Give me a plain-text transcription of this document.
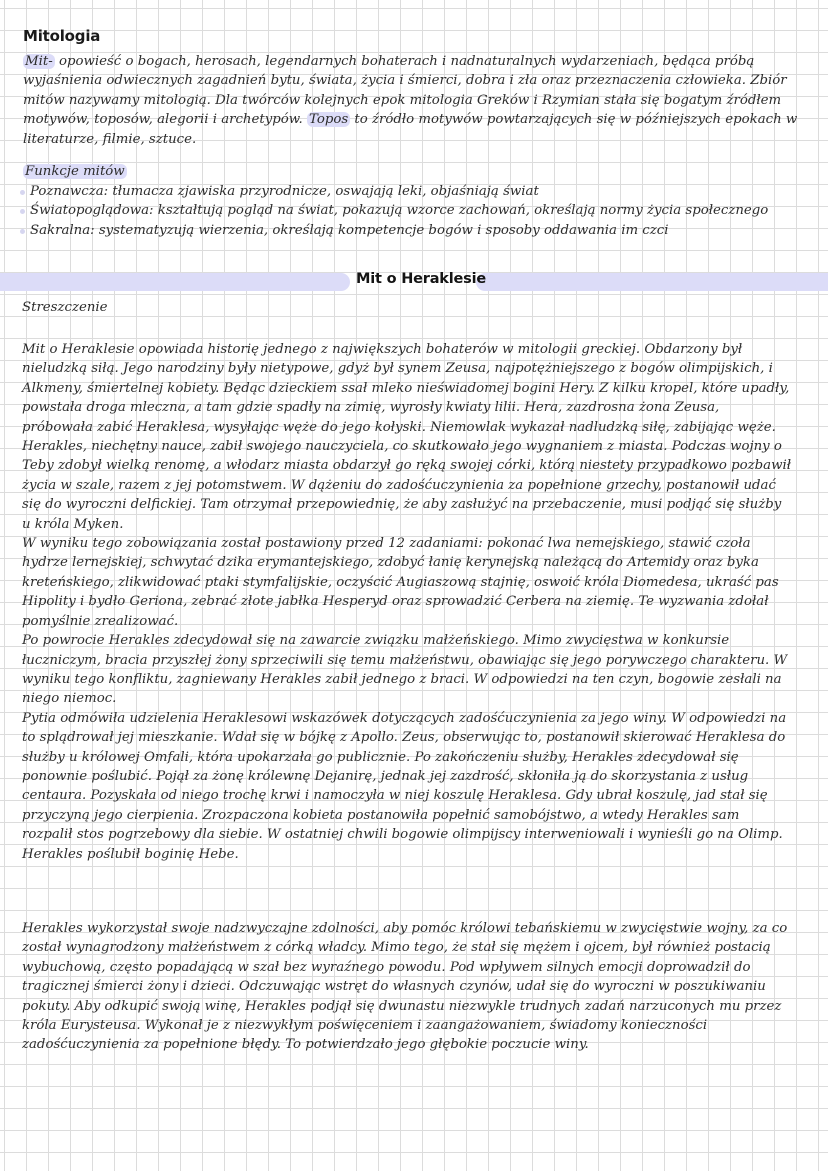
Mitologia

Mit- opowieść o bogach, herosach, legendarnych bohaterach i nadnaturalnych wydarzeniach, będąca próbą wyjaśnienia odwiecznych zagadnień bytu, świata, życia i śmierci, dobra i zła oraz przeznaczenia człowieka. Zbiór mitów nazywamy mitologią. Dla twórców kolejnych epok mitologia Greków i Rzymian stała się bogatym źródłem motywów, toposów, alegorii i archetypów. Topos to źródło motywów powtarzających się w późniejszych epokach w literaturze, filmie, sztuce.

Funkcje mitów
Poznawcza: tłumacza zjawiska przyrodnicze, oswajają leki, objaśniają świat
Światopoglądowa: kształtują pogląd na świat, pokazują wzorce zachowań, określają normy życia społecznego
Sakralna: systematyzują wierzenia, określają kompetencje bogów i sposoby oddawania im czci
Mit o Heraklesie
Streszczenie

Mit o Heraklesie opowiada historię jednego z największych bohaterów w mitologii greckiej. Obdarzony był nieludzką siłą. Jego narodziny były nietypowe, gdyż był synem Zeusa, najpotężniejszego z bogów olimpijskich, i Alkmeny, śmiertelnej kobiety. Będąc dzieckiem ssał mleko nieświadomej bogini Hery. Z kilku kropel, które upadły, powstała droga mleczna, a tam gdzie spadły na zimię, wyrosły kwiaty lilii. Hera, zazdrosna żona Zeusa, próbowała zabić Heraklesa, wysyłając węże do jego kołyski. Niemowlak wykazał nadludzką siłę, zabijając węże.

Herakles, niechętny nauce, zabił swojego nauczyciela, co skutkowało jego wygnaniem z miasta. Podczas wojny o Teby zdobył wielką renomę, a włodarz miasta obdarzył go ręką swojej córki, którą niestety przypadkowo pozbawił życia w szale, razem z jej potomstwem. W dążeniu do zadośćuczynienia za popełnione grzechy, postanowił udać się do wyroczni delfickiej. Tam otrzymał przepowiednię, że aby zasłużyć na przebaczenie, musi podjąć się służby u króla Myken.

W wyniku tego zobowiązania został postawiony przed 12 zadaniami: pokonać lwa nemejskiego, stawić czoła hydrze lernejskiej, schwytać dzika erymantejskiego, zdobyć łanię kerynejską należącą do Artemidy oraz byka kreteńskiego, zlikwidować ptaki stymfalijskie, oczyścić Augiaszową stajnię, oswoić króla Diomedesa, ukraść pas Hipolity i bydło Geriona, zebrać złote jabłka Hesperyd oraz sprowadzić Cerbera na ziemię. Te wyzwania zdołał pomyślnie zrealizować.

Po powrocie Herakles zdecydował się na zawarcie związku małżeńskiego. Mimo zwycięstwa w konkursie łuczniczym, bracia przyszłej żony sprzeciwili się temu małżeństwu, obawiając się jego porywczego charakteru. W wyniku tego konfliktu, zagniewany Herakles zabił jednego z braci. W odpowiedzi na ten czyn, bogowie zesłali na niego niemoc.

Pytia odmówiła udzielenia Heraklesowi wskazówek dotyczących zadośćuczynienia za jego winy. W odpowiedzi na to splądrował jej mieszkanie. Wdał się w bójkę z Apollo. Zeus, obserwując to, postanowił skierować Heraklesa do służby u królowej Omfali, która upokarzała go publicznie. Po zakończeniu służby, Herakles zdecydował się ponownie poślubić. Pojął za żonę królewnę Dejanirę, jednak jej zazdrość, skłoniła ją do skorzystania z usług centaura. Pozyskała od niego trochę krwi i namoczyła w niej koszulę Heraklesa. Gdy ubrał koszulę, jad stał się przyczyną jego cierpienia. Zrozpaczona kobieta postanowiła popełnić samobójstwo, a wtedy Herakles sam rozpalił stos pogrzebowy dla siebie. W ostatniej chwili bogowie olimpijscy interweniowali i wynieśli go na Olimp. Herakles poślubił boginię Hebe.

Herakles wykorzystał swoje nadzwyczajne zdolności, aby pomóc królowi tebańskiemu w zwycięstwie wojny, za co został wynagrodzony małżeństwem z córką władcy. Mimo tego, że stał się mężem i ojcem, był również postacią wybuchową, często popadającą w szał bez wyraźnego powodu. Pod wpływem silnych emocji doprowadził do tragicznej śmierci żony i dzieci. Odczuwając wstręt do własnych czynów, udał się do wyroczni w poszukiwaniu pokuty. Aby odkupić swoją winę, Herakles podjął się dwunastu niezwykle trudnych zadań narzuconych mu przez króla Eurysteusa. Wykonał je z niezwykłym poświęceniem i zaangażowaniem, świadomy konieczności zadośćuczynienia za popełnione błędy. To potwierdzało jego głębokie poczucie winy.
